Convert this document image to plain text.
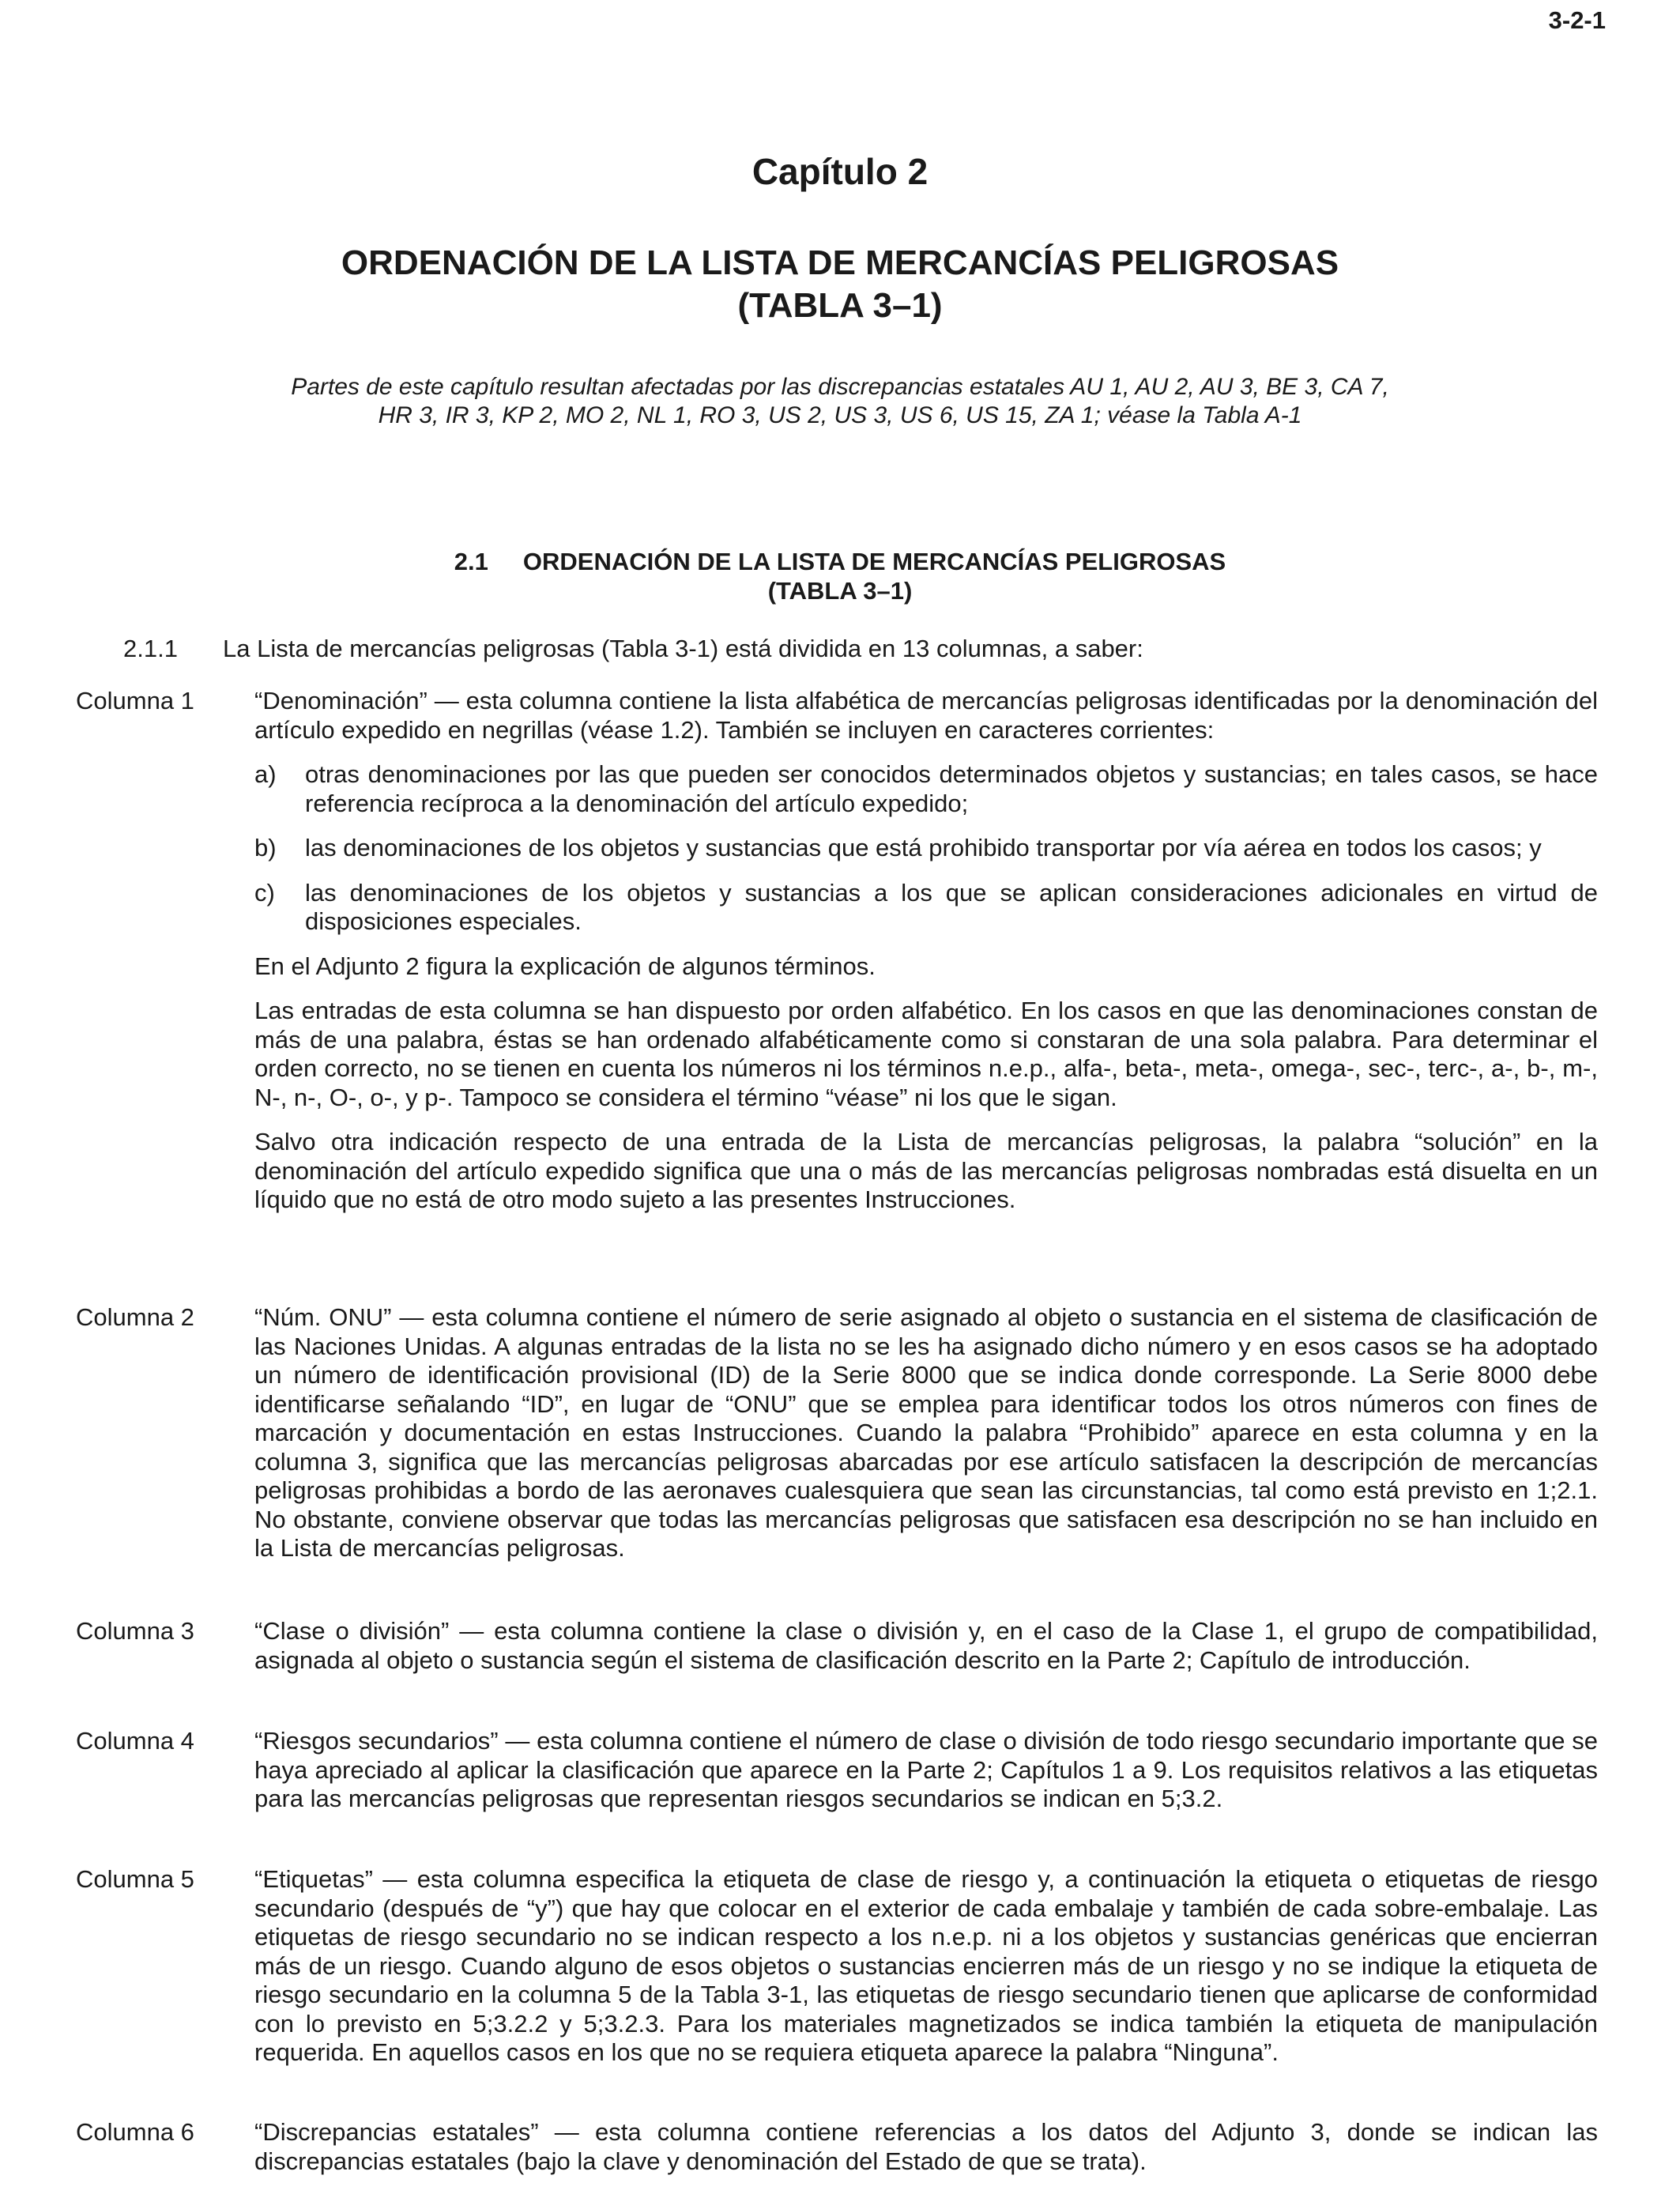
3-2-1
Capítulo 2
ORDENACIÓN DE LA LISTA DE MERCANCÍAS PELIGROSAS
(TABLA 3–1)
Partes de este capítulo resultan afectadas por las discrepancias estatales AU 1, AU 2, AU 3, BE 3, CA 7,
HR 3, IR 3, KP 2, MO 2, NL 1, RO 3, US 2, US 3, US 6, US 15, ZA 1; véase la Tabla A-1
2.1 ORDENACIÓN DE LA LISTA DE MERCANCÍAS PELIGROSAS
(TABLA 3–1)
2.1.1 La Lista de mercancías peligrosas (Tabla 3-1) está dividida en 13 columnas, a saber:
Columna 1 “Denominación” — esta columna contiene la lista alfabética de mercancías peligrosas identificadas por la denominación del artículo expedido en negrillas (véase 1.2). También se incluyen en caracteres corrientes:

a) otras denominaciones por las que pueden ser conocidos determinados objetos y sustancias; en tales casos, se hace referencia recíproca a la denominación del artículo expedido;
b) las denominaciones de los objetos y sustancias que está prohibido transportar por vía aérea en todos los casos; y
c) las denominaciones de los objetos y sustancias a los que se aplican consideraciones adicionales en virtud de disposiciones especiales.

En el Adjunto 2 figura la explicación de algunos términos.

Las entradas de esta columna se han dispuesto por orden alfabético. En los casos en que las denominaciones constan de más de una palabra, éstas se han ordenado alfabéticamente como si constaran de una sola palabra. Para determinar el orden correcto, no se tienen en cuenta los números ni los términos n.e.p., alfa-, beta-, meta-, omega-, sec-, terc-, a-, b-, m-, N-, n-, O-, o-, y p-. Tampoco se considera el término “véase” ni los que le sigan.

Salvo otra indicación respecto de una entrada de la Lista de mercancías peligrosas, la palabra “solución” en la denominación del artículo expedido significa que una o más de las mercancías peligrosas nombradas está disuelta en un líquido que no está de otro modo sujeto a las presentes Instrucciones.

Columna 2 “Núm. ONU” — esta columna contiene el número de serie asignado al objeto o sustancia en el sistema de clasificación de las Naciones Unidas. A algunas entradas de la lista no se les ha asignado dicho número y en esos casos se ha adoptado un número de identificación provisional (ID) de la Serie 8000 que se indica donde corresponde. La Serie 8000 debe identificarse señalando “ID”, en lugar de “ONU” que se emplea para identificar todos los otros números con fines de marcación y documentación en estas Instrucciones. Cuando la palabra “Prohibido” aparece en esta columna y en la columna 3, significa que las mercancías peligrosas abarcadas por ese artículo satisfacen la descripción de mercancías peligrosas prohibidas a bordo de las aeronaves cualesquiera que sean las circunstancias, tal como está previsto en 1;2.1. No obstante, conviene observar que todas las mercancías peligrosas que satisfacen esa descripción no se han incluido en la Lista de mercancías peligrosas.

Columna 3 “Clase o división” — esta columna contiene la clase o división y, en el caso de la Clase 1, el grupo de compatibilidad, asignada al objeto o sustancia según el sistema de clasificación descrito en la Parte 2; Capítulo de introducción.

Columna 4 “Riesgos secundarios” — esta columna contiene el número de clase o división de todo riesgo secundario importante que se haya apreciado al aplicar la clasificación que aparece en la Parte 2; Capítulos 1 a 9. Los requisitos relativos a las etiquetas para las mercancías peligrosas que representan riesgos secundarios se indican en 5;3.2.

Columna 5 “Etiquetas” — esta columna especifica la etiqueta de clase de riesgo y, a continuación la etiqueta o etiquetas de riesgo secundario (después de “y”) que hay que colocar en el exterior de cada embalaje y también de cada sobre-embalaje. Las etiquetas de riesgo secundario no se indican respecto a los n.e.p. ni a los objetos y sustancias genéricas que encierran más de un riesgo. Cuando alguno de esos objetos o sustancias encierren más de un riesgo y no se indique la etiqueta de riesgo secundario en la columna 5 de la Tabla 3-1, las etiquetas de riesgo secundario tienen que aplicarse de conformidad con lo previsto en 5;3.2.2 y 5;3.2.3. Para los materiales magnetizados se indica también la etiqueta de manipulación requerida. En aquellos casos en los que no se requiera etiqueta aparece la palabra “Ninguna”.

Columna 6 “Discrepancias estatales” — esta columna contiene referencias a los datos del Adjunto 3, donde se indican las discrepancias estatales (bajo la clave y denominación del Estado de que se trata).
